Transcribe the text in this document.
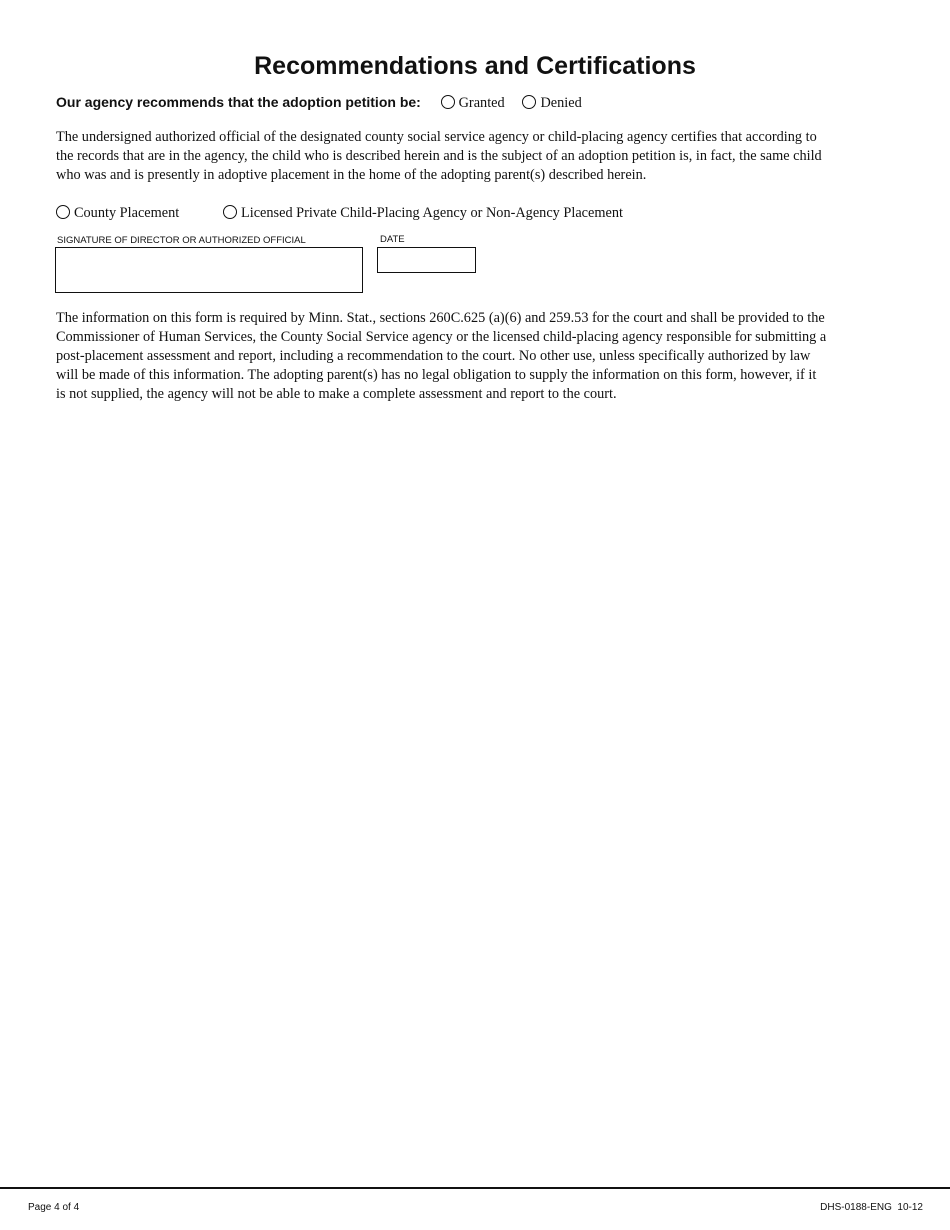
Recommendations and Certifications
Our agency recommends that the adoption petition be:	Granted	Denied
The undersigned authorized official of the designated county social service agency or child-placing agency certifies that according to
the records that are in the agency, the child who is described herein and is the subject of an adoption petition is, in fact, the same child
who was and is presently in adoptive placement in the home of the adopting parent(s) described herein.
County Placement	Licensed Private Child-Placing Agency or Non-Agency Placement
SIGNATURE OF DIRECTOR OR AUTHORIZED OFFICIAL	DATE
The information on this form is required by Minn. Stat., sections 260C.625 (a)(6) and 259.53 for the court and shall be provided to the
Commissioner of Human Services, the County Social Service agency or the licensed child-placing agency responsible for submitting a
post-placement assessment and report, including a recommendation to the court. No other use, unless specifically authorized by law
will be made of this information. The adopting parent(s) has no legal obligation to supply the information on this form, however, if it
is not supplied, the agency will not be able to make a complete assessment and report to the court.
Page 4 of 4	DHS-0188-ENG  10-12
